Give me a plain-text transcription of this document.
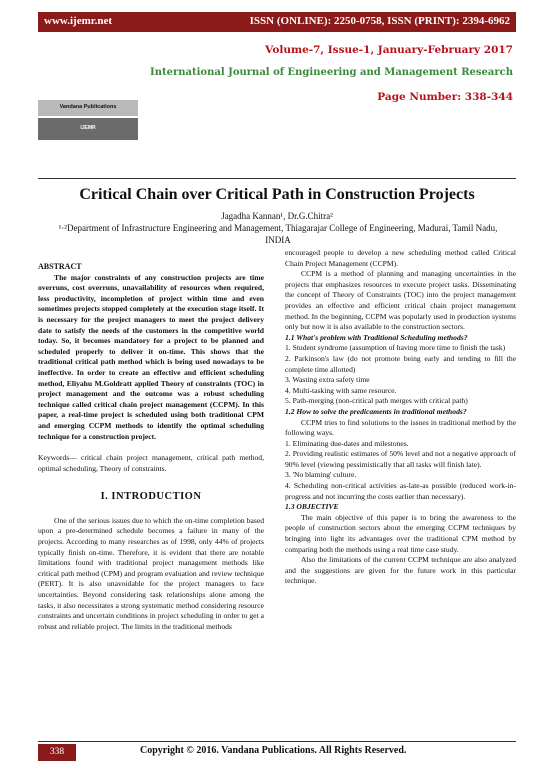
www.ijemr.net	ISSN (ONLINE): 2250-0758, ISSN (PRINT): 2394-6962
Volume-7, Issue-1, January-February 2017
International Journal of Engineering and Management Research
Page Number: 338-344
Vandana Publications
IJEMR
Critical Chain over Critical Path in Construction Projects
Jagadha Kannan¹, Dr.G.Chitra²
¹·²Department of Infrastructure Engineering and Management, Thiagarajar College of Engineering, Madurai, Tamil Nadu, INDIA

ABSTRACT

The major constraints of any construction projects are time overruns, cost overruns, unavailability of resources when required, less productivity, incompletion of project within time and even sometimes projects stopped completely at the execution stage itself. It is necessary for the project managers to meet the project delivery date to satisfy the needs of the customers in the competitive world today. So, it becomes mandatory for a project to be planned and scheduled properly to deliver it on-time. This shows that the traditional critical path method which is being used nowadays to be ineffective. In order to create an effective and efficient scheduling method, Eliyahu M.Goldratt applied Theory of constraints (TOC) in project management and the outcome was a robust scheduling technique called critical chain project management (CCPM). In this paper, a real-time project is scheduled using both traditional CPM and emerging CCPM methods to identify the optimal scheduling technique for a construction project.

Keywords— critical chain project management, critical path method, optimal scheduling, Theory of constraints.

I. INTRODUCTION

One of the serious issues due to which the on-time completion based upon a pre-determined schedule becomes a failure in many of the projects. According to many researches as of 1998, only 44% of projects typically finish on-time. Therefore, it is evident that there are notable limitations found with traditional project management methods like critical path method (CPM) and program evaluation and review technique (PERT). It is also unavoidable for the project managers to face uncertainties. Beyond considering task relationships alone among the tasks, it also necessitates a strong systematic method considering resource constraints and uncertain conditions in project scheduling in order to get a robust and reliable project. The limits in the traditional methods

encouraged people to develop a new scheduling method called Critical Chain Project Management (CCPM).

CCPM is a method of planning and managing uncertainties in the projects that emphasizes resources to execute project tasks. Disseminating the concept of Theory of Constraints (TOC) into the project management provides an effective and efficient critical chain project management method. In the beginning, CCPM was popularly used in production systems only but now it is also available to the construction sectors.

1.1 What's problem with Traditional Scheduling methods?

1. Student syndrome (assumption of having more time to finish the task)

2. Parkinson's law (do not promote being early and tending to fill the complete time allotted)

3. Wasting extra safety time

4. Multi-tasking with same resource.

5. Path-merging (non-critical path merges with critical path)

1.2 How to solve the predicaments in traditional methods?

CCPM tries to find solutions to the issues in traditional method by the following ways.

1. Eliminating due-dates and milestones.

2. Providing realistic estimates of 50% level and not a negative approach of 90% level (viewing pessimistically that all tasks will finish late).

3. 'No blaming' culture.

4. Scheduling non-critical activities as-late-as possible (reduced work-in-progress and not incurring the costs earlier than necessary).

1.3 OBJECTIVE

The main objective of this paper is to bring the awareness to the people of construction sectors about the emerging CCPM techniques by bringing into light its advantages over the traditional CPM method by comparing both the methods using a real time case study.

Also the limitations of the current CCPM technique are also analyzed and the suggestions are given for the future work in this particular technique.

338	Copyright © 2016. Vandana Publications. All Rights Reserved.
